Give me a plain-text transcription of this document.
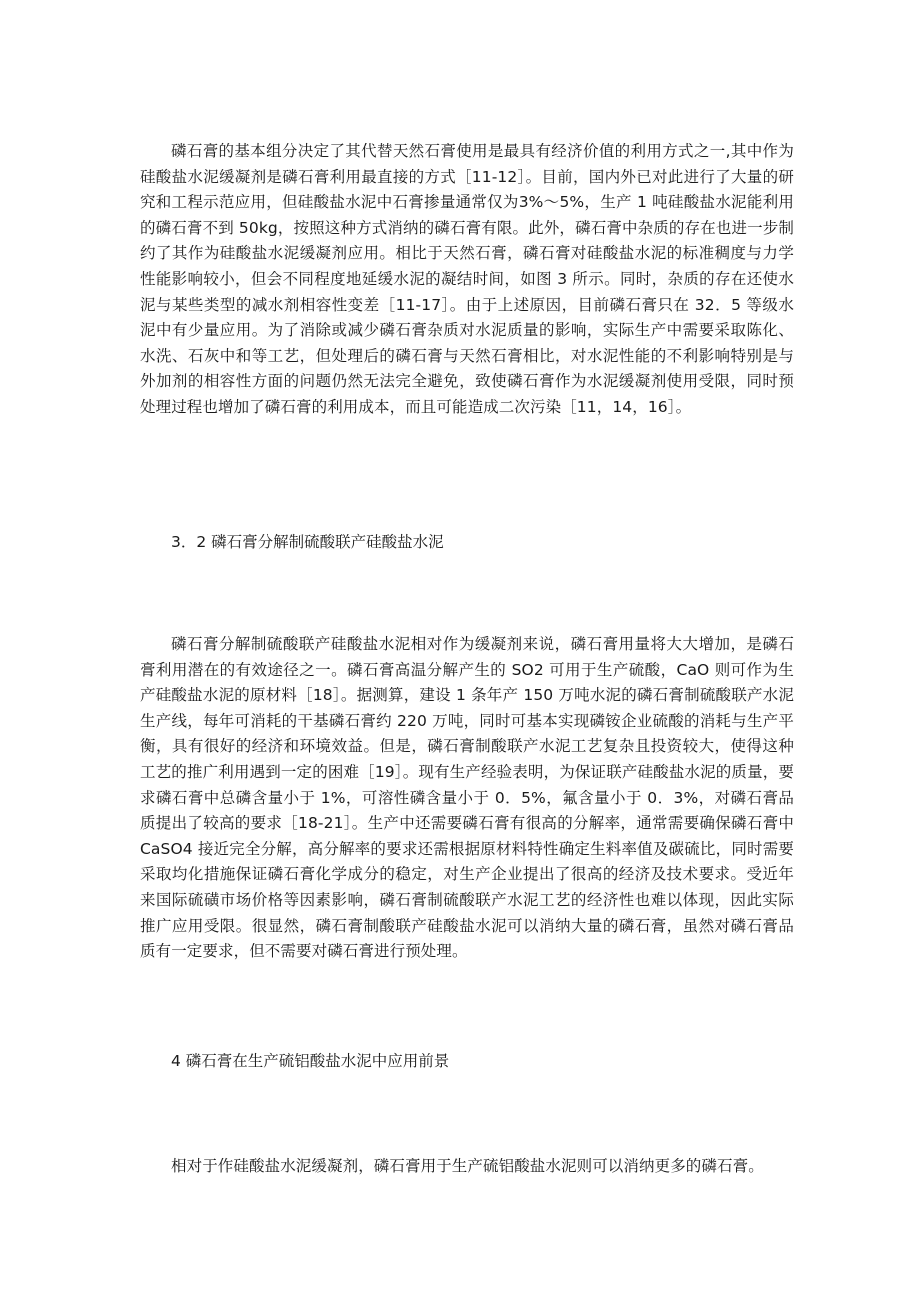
磷石膏的基本组分决定了其代替天然石膏使用是最具有经济价值的利用方式之一,其中作为硅酸盐水泥缓凝剂是磷石膏利用最直接的方式［11-12］。目前，国内外已对此进行了大量的研究和工程示范应用，但硅酸盐水泥中石膏掺量通常仅为3%～5%，生产 1 吨硅酸盐水泥能利用的磷石膏不到 50kg，按照这种方式消纳的磷石膏有限。此外，磷石膏中杂质的存在也进一步制约了其作为硅酸盐水泥缓凝剂应用。相比于天然石膏，磷石膏对硅酸盐水泥的标准稠度与力学性能影响较小，但会不同程度地延缓水泥的凝结时间，如图 3 所示。同时，杂质的存在还使水泥与某些类型的减水剂相容性变差［11-17］。由于上述原因，目前磷石膏只在 32．5 等级水泥中有少量应用。为了消除或减少磷石膏杂质对水泥质量的影响，实际生产中需要采取陈化、水洗、石灰中和等工艺，但处理后的磷石膏与天然石膏相比，对水泥性能的不利影响特别是与外加剂的相容性方面的问题仍然无法完全避免，致使磷石膏作为水泥缓凝剂使用受限，同时预处理过程也增加了磷石膏的利用成本，而且可能造成二次污染［11，14，16］。

3．2 磷石膏分解制硫酸联产硅酸盐水泥

磷石膏分解制硫酸联产硅酸盐水泥相对作为缓凝剂来说，磷石膏用量将大大增加，是磷石膏利用潜在的有效途径之一。磷石膏高温分解产生的 SO2 可用于生产硫酸，CaO 则可作为生产硅酸盐水泥的原材料［18］。据测算，建设 1 条年产 150 万吨水泥的磷石膏制硫酸联产水泥生产线，每年可消耗的干基磷石膏约 220 万吨，同时可基本实现磷铵企业硫酸的消耗与生产平衡，具有很好的经济和环境效益。但是，磷石膏制酸联产水泥工艺复杂且投资较大，使得这种工艺的推广利用遇到一定的困难［19］。现有生产经验表明，为保证联产硅酸盐水泥的质量，要求磷石膏中总磷含量小于 1%，可溶性磷含量小于 0．5%，氟含量小于 0．3%，对磷石膏品质提出了较高的要求［18-21］。生产中还需要磷石膏有很高的分解率，通常需要确保磷石膏中 CaSO4 接近完全分解，高分解率的要求还需根据原材料特性确定生料率值及碳硫比，同时需要采取均化措施保证磷石膏化学成分的稳定，对生产企业提出了很高的经济及技术要求。受近年来国际硫磺市场价格等因素影响，磷石膏制硫酸联产水泥工艺的经济性也难以体现，因此实际推广应用受限。很显然，磷石膏制酸联产硅酸盐水泥可以消纳大量的磷石膏，虽然对磷石膏品质有一定要求，但不需要对磷石膏进行预处理。

4 磷石膏在生产硫铝酸盐水泥中应用前景

相对于作硅酸盐水泥缓凝剂，磷石膏用于生产硫铝酸盐水泥则可以消纳更多的磷石膏。
